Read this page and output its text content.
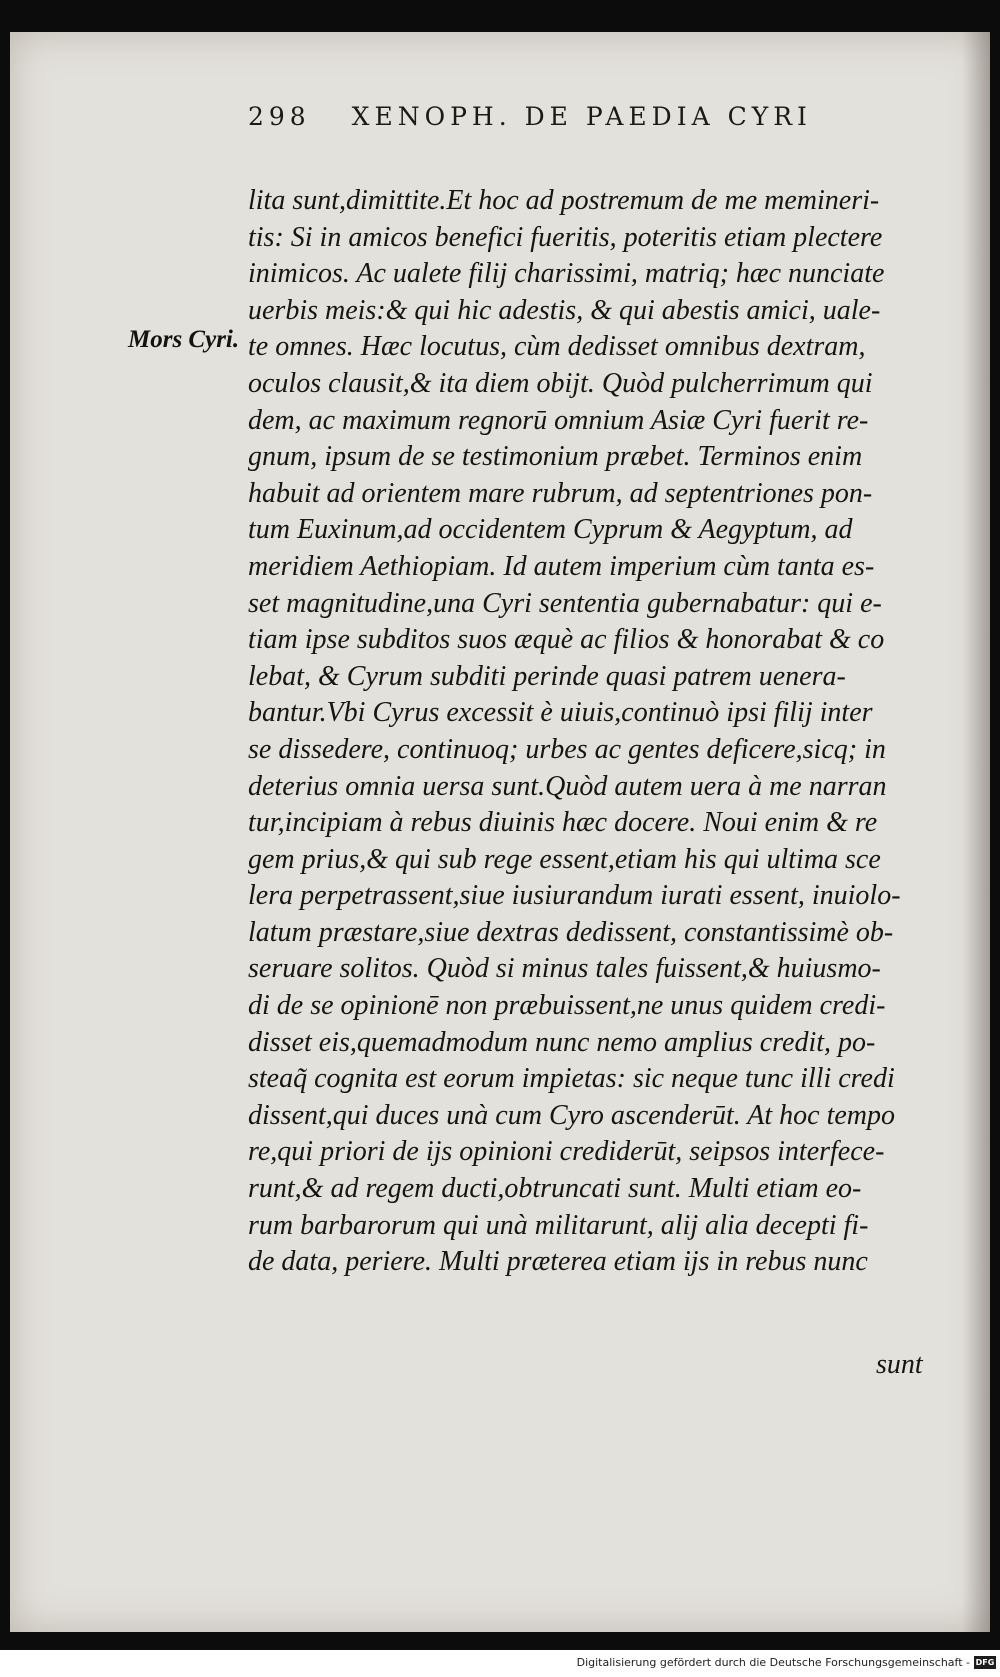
298 XENOPH. DE PAEDIA CYRI
Mors Cyri.
lita sunt,dimittite.Et hoc ad postremum de me memineri-
tis: Si in amicos benefici fueritis, poteritis etiam plectere
inimicos. Ac ualete filij charissimi, matriq; hæc nunciate
uerbis meis:& qui hic adestis, & qui abestis amici, uale-
te omnes. Hæc locutus, cùm dedisset omnibus dextram,
oculos clausit,& ita diem obijt. Quòd pulcherrimum qui
dem, ac maximum regnorū omnium Asiæ Cyri fuerit re-
gnum, ipsum de se testimonium præbet. Terminos enim
habuit ad orientem mare rubrum, ad septentriones pon-
tum Euxinum,ad occidentem Cyprum & Aegyptum, ad
meridiem Aethiopiam. Id autem imperium cùm tanta es-
set magnitudine,una Cyri sententia gubernabatur: qui e-
tiam ipse subditos suos æquè ac filios & honorabat & co
lebat, & Cyrum subditi perinde quasi patrem uenera-
bantur.Vbi Cyrus excessit è uiuis,continuò ipsi filij inter
se dissedere, continuoq; urbes ac gentes deficere,sicq; in
deterius omnia uersa sunt.Quòd autem uera à me narran
tur,incipiam à rebus diuinis hæc docere. Noui enim & re
gem prius,& qui sub rege essent,etiam his qui ultima sce
lera perpetrassent,siue iusiurandum iurati essent, inuiolo-
latum præstare,siue dextras dedissent, constantissimè ob-
seruare solitos. Quòd si minus tales fuissent,& huiusmo-
di de se opinionē non præbuissent,ne unus quidem credi-
disset eis,quemadmodum nunc nemo amplius credit, po-
steaq̃ cognita est eorum impietas: sic neque tunc illi credi
dissent,qui duces unà cum Cyro ascenderūt. At hoc tempo
re,qui priori de ijs opinioni crediderūt, seipsos interfece-
runt,& ad regem ducti,obtruncati sunt. Multi etiam eo-
rum barbarorum qui unà militarunt, alij alia decepti fi-
de data, periere. Multi præterea etiam ijs in rebus nunc
sunt
Digitalisierung gefördert durch die Deutsche Forschungsgemeinschaft - DFG
